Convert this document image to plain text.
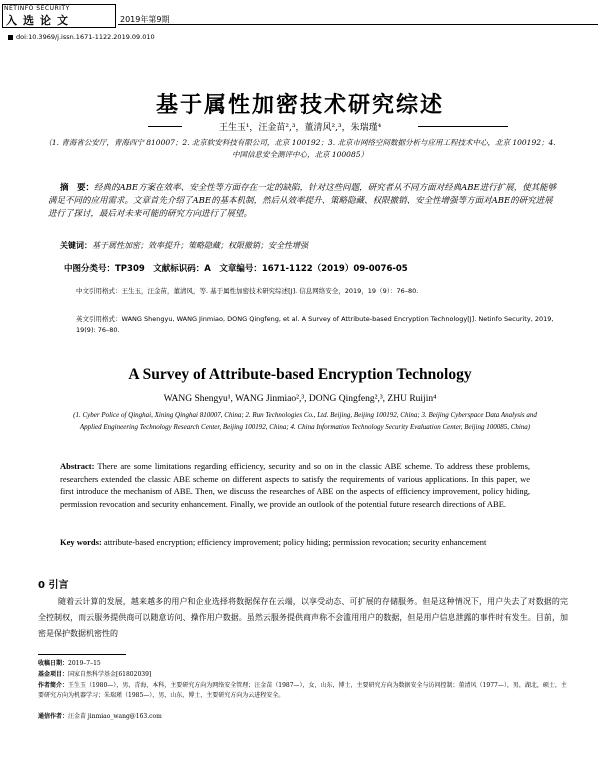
NETINFO SECURITY
入选论文	2019年第9期
doi:10.3969/j.issn.1671-1122.2019.09.010
基于属性加密技术研究综述
王生玉¹，汪金苗²,³，董清风²,³，朱瑞瑾⁴
（1. 青海省公安厅，青海西宁 810007；2. 北京软安科技有限公司，北京 100192；3. 北京市网络空间数据分析与应用工程技术中心，北京 100192；4. 中国信息安全测评中心，北京 100085）
摘　要：经典的ABE方案在效率、安全性等方面存在一定的缺陷，针对这些问题，研究者从不同方面对经典ABE进行扩展，使其能够满足不同的应用需求。文章首先介绍了ABE的基本机制，然后从效率提升、策略隐藏、权限撤销、安全性增强等方面对ABE的研究进展进行了探讨，最后对未来可能的研究方向进行了展望。
关键词：基于属性加密；效率提升；策略隐藏；权限撤销；安全性增强
中图分类号：TP309　文献标识码：A　文章编号：1671-1122（2019）09-0076-05
中文引用格式：王生玉，汪金苗，董清风，等. 基于属性加密技术研究综述[J]. 信息网络安全，2019，19（9）：76–80.
英文引用格式：WANG Shengyu, WANG Jinmiao, DONG Qingfeng, et al. A Survey of Attribute-based Encryption Technology[J]. Netinfo Security, 2019, 19(9): 76–80.
A Survey of Attribute-based Encryption Technology
WANG Shengyu¹, WANG Jinmiao²,³, DONG Qingfeng²,³, ZHU Ruijin⁴
(1. Cyber Police of Qinghai, Xining Qinghai 810007, China; 2. Run Technologies Co., Ltd. Beijing, Beijing 100192, China; 3. Beijing Cyberspace Data Analysis and Applied Engineering Technology Research Center, Beijing 100192, China; 4. China Information Technology Security Evaluation Center, Beijing 100085, China)
Abstract: There are some limitations regarding efficiency, security and so on in the classic ABE scheme. To address these problems, researchers extended the classic ABE scheme on different aspects to satisfy the requirements of various applications. In this paper, we first introduce the mechanism of ABE. Then, we discuss the researches of ABE on the aspects of efficiency improvement, policy hiding, permission revocation and security enhancement. Finally, we provide an outlook of the potential future research directions of ABE.
Key words: attribute-based encryption; efficiency improvement; policy hiding; permission revocation; security enhancement
0 引言
随着云计算的发展，越来越多的用户和企业选择将数据保存在云端，以享受动态、可扩展的存储服务。但是这种情况下，用户失去了对数据的完全控制权，而云服务提供商可以随意访问、操作用户数据。虽然云服务提供商声称不会滥用用户的数据，但是用户信息泄露的事件时有发生。目前，加密是保护数据机密性的
收稿日期：2019–7–15
基金项目：国家自然科学基金[61802039]
作者简介：王生玉（1980—），男，青海，本科，主要研究方向为网络安全管理；汪金苗（1987—），女，山东，博士，主要研究方向为数据安全与访问控制；董清风（1977—），男，湖北，硕士，主要研究方向为机器学习；朱瑞瑾（1985—），男，山东，博士，主要研究方向为云进程安全。
通信作者：汪金苗 jinmiao_wang@163.com
